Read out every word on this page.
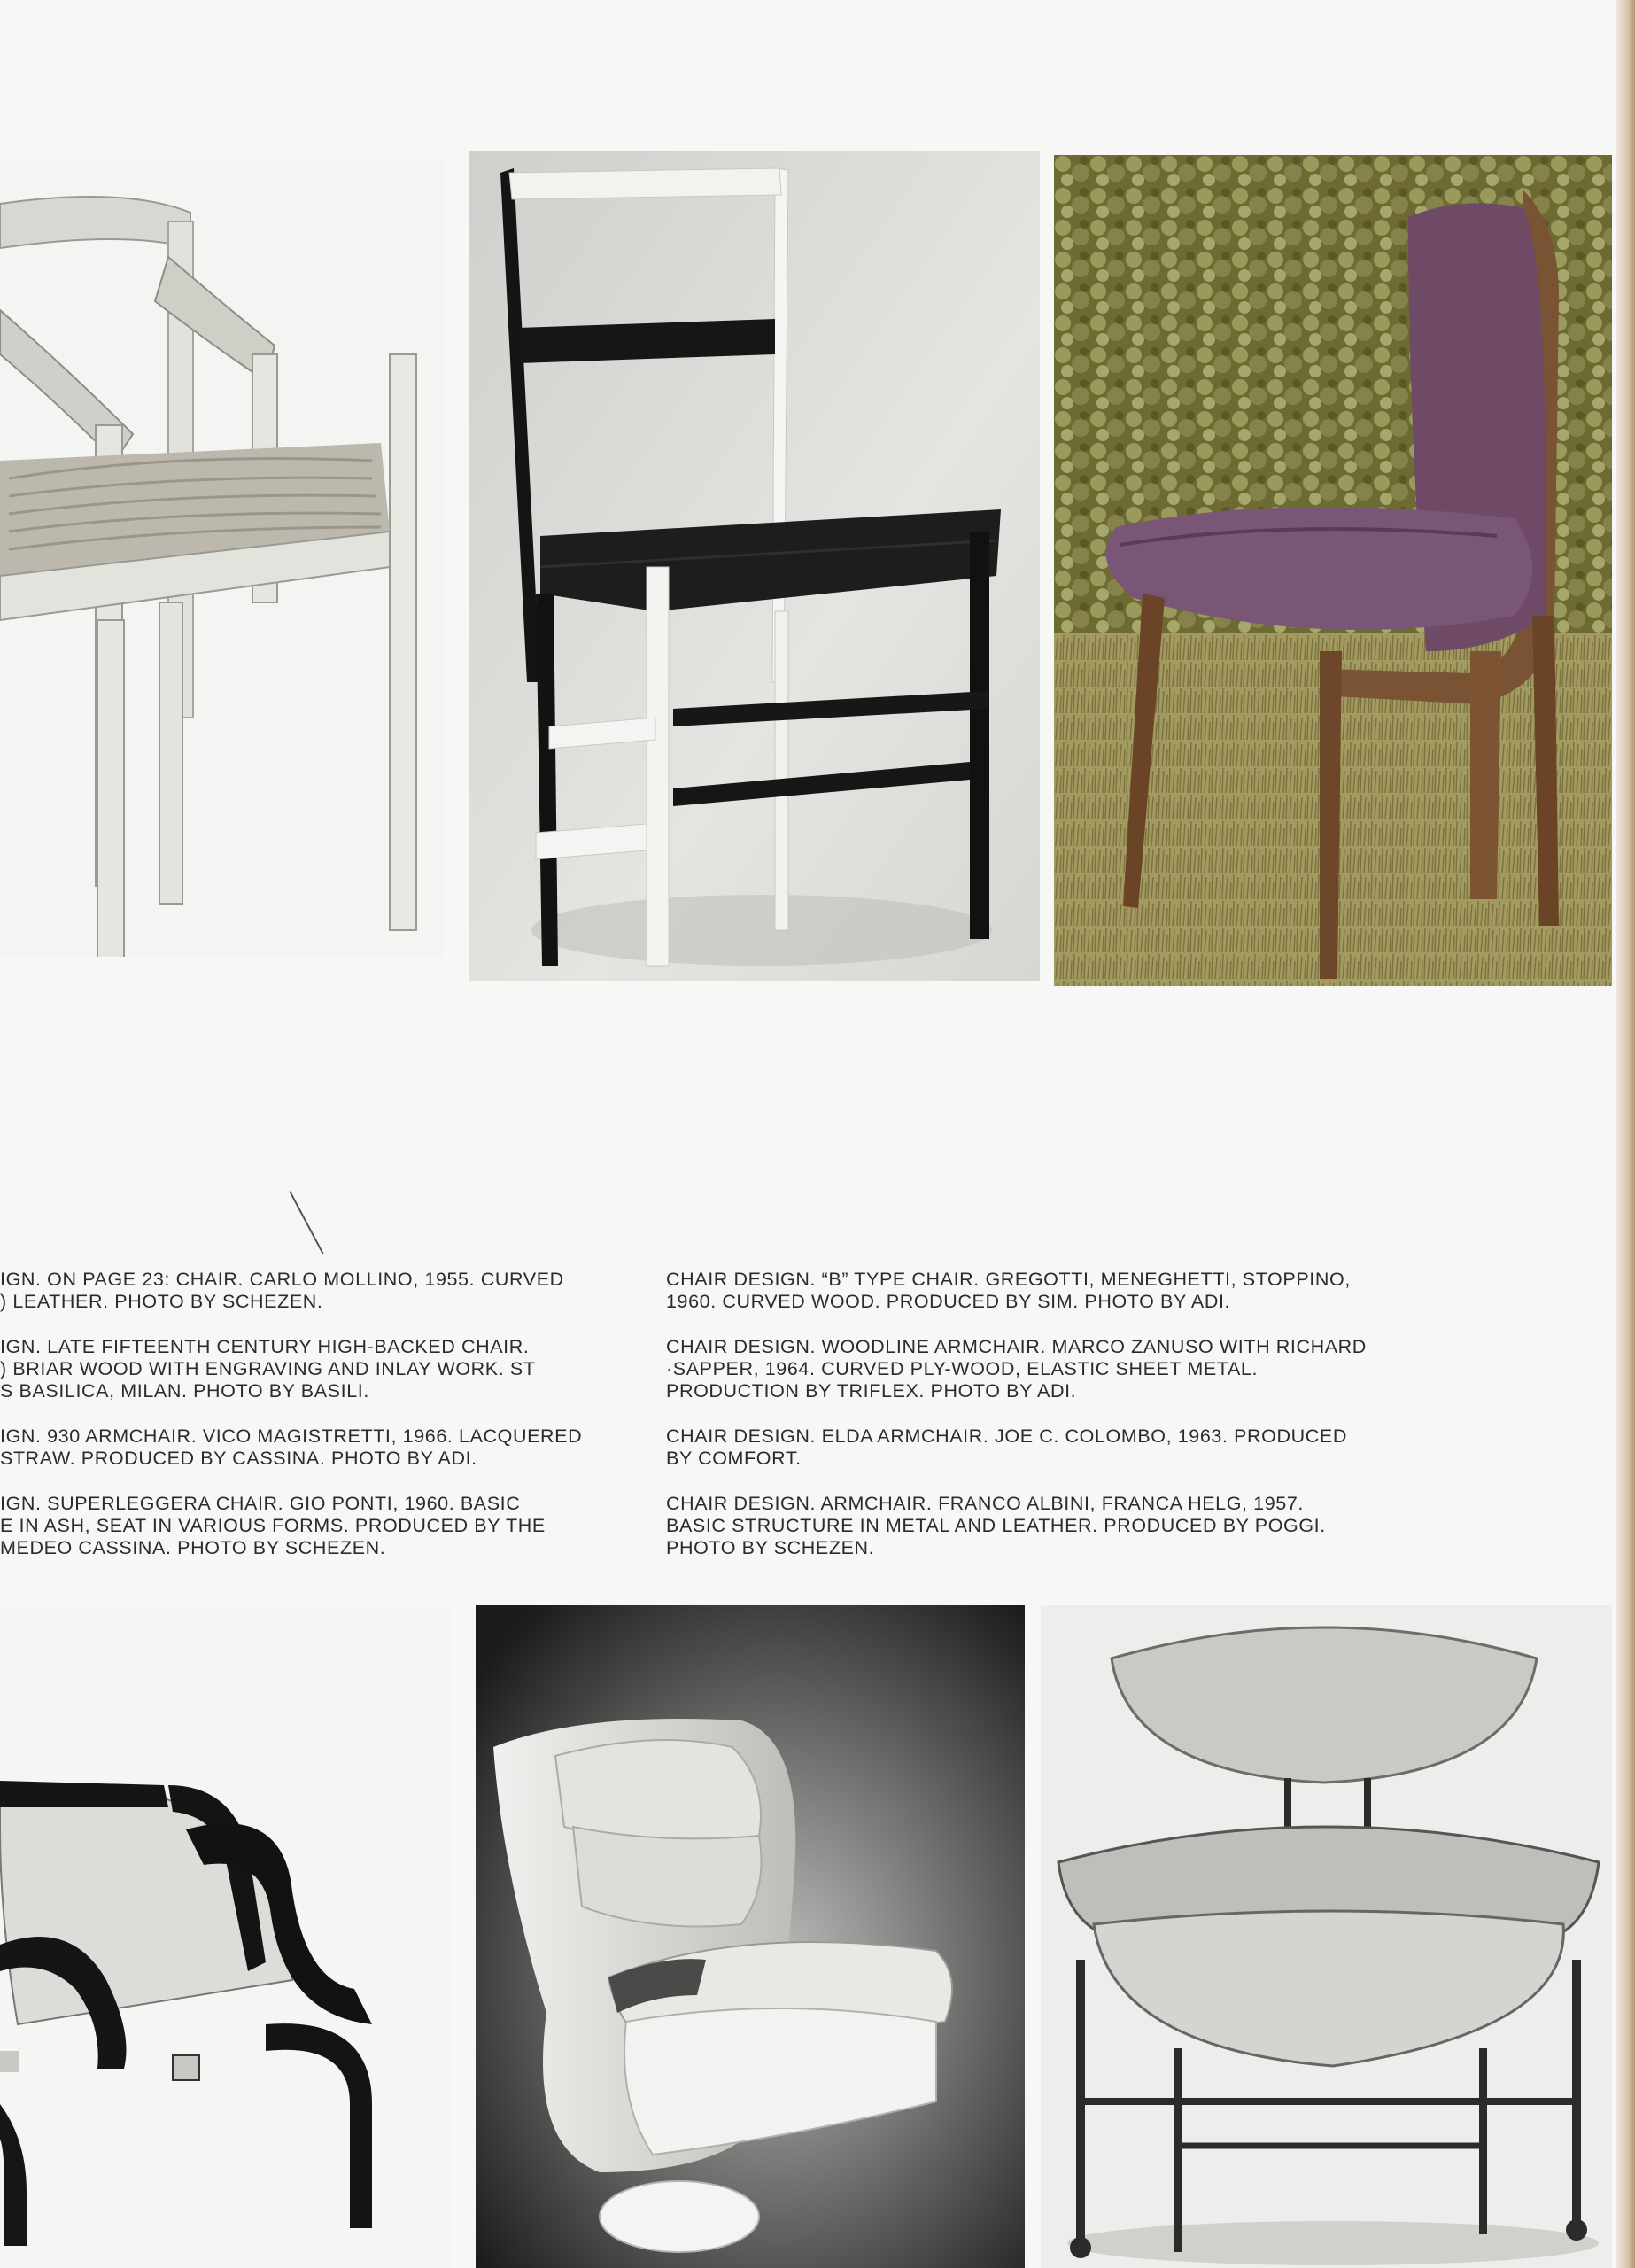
IGN. ON PAGE 23: CHAIR. CARLO MOLLINO, 1955. CURVED
) LEATHER. PHOTO BY SCHEZEN.

IGN. LATE FIFTEENTH CENTURY HIGH-BACKED CHAIR.
) BRIAR WOOD WITH ENGRAVING AND INLAY WORK. ST
S BASILICA, MILAN. PHOTO BY BASILI.

IGN. 930 ARMCHAIR. VICO MAGISTRETTI, 1966. LACQUERED
STRAW. PRODUCED BY CASSINA. PHOTO BY ADI.

IGN. SUPERLEGGERA CHAIR. GIO PONTI, 1960. BASIC
E IN ASH, SEAT IN VARIOUS FORMS. PRODUCED BY THE
MEDEO CASSINA. PHOTO BY SCHEZEN.

CHAIR DESIGN. “B” TYPE CHAIR. GREGOTTI, MENEGHETTI, STOPPINO,
1960. CURVED WOOD. PRODUCED BY SIM. PHOTO BY ADI.

CHAIR DESIGN. WOODLINE ARMCHAIR. MARCO ZANUSO WITH RICHARD
·SAPPER, 1964. CURVED PLY-WOOD, ELASTIC SHEET METAL.
PRODUCTION BY TRIFLEX. PHOTO BY ADI.

CHAIR DESIGN. ELDA ARMCHAIR. JOE C. COLOMBO, 1963. PRODUCED
BY COMFORT.

CHAIR DESIGN. ARMCHAIR. FRANCO ALBINI, FRANCA HELG, 1957.
BASIC STRUCTURE IN METAL AND LEATHER. PRODUCED BY POGGI.
PHOTO BY SCHEZEN.
